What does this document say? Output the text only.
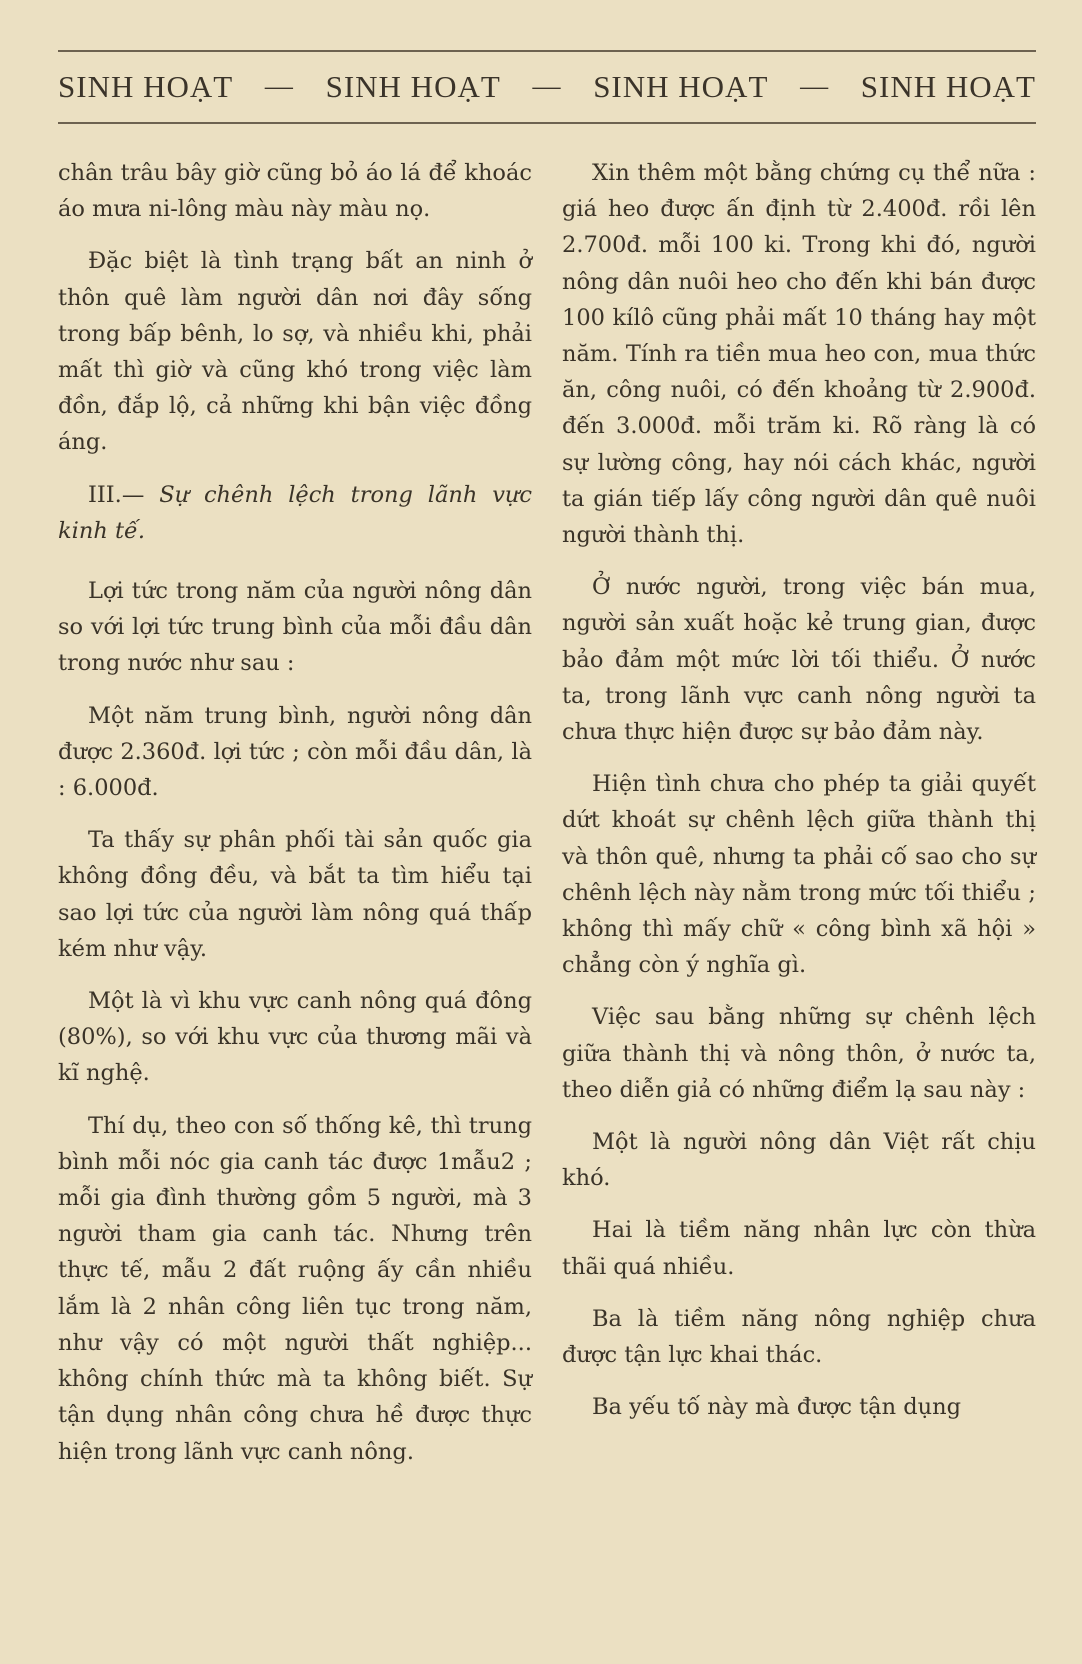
SINH HOẠT — SINH HOẠT — SINH HOẠT — SINH HOẠT

chân trâu bây giờ cũng bỏ áo lá để khoác áo mưa ni-lông màu này màu nọ.

Đặc biệt là tình trạng bất an ninh ở thôn quê làm người dân nơi đây sống trong bấp bênh, lo sợ, và nhiều khi, phải mất thì giờ và cũng khó trong việc làm đồn, đắp lộ, cả những khi bận việc đồng áng.

III.— Sự chênh lệch trong lãnh vực kinh tế.

Lợi tức trong năm của người nông dân so với lợi tức trung bình của mỗi đầu dân trong nước như sau :

Một năm trung bình, người nông dân được 2.360đ. lợi tức ; còn mỗi đầu dân, là : 6.000đ.

Ta thấy sự phân phối tài sản quốc gia không đồng đều, và bắt ta tìm hiểu tại sao lợi tức của người làm nông quá thấp kém như vậy.

Một là vì khu vực canh nông quá đông (80%), so với khu vực của thương mãi và kĩ nghệ.

Thí dụ, theo con số thống kê, thì trung bình mỗi nóc gia canh tác được 1mẫu2 ; mỗi gia đình thường gồm 5 người, mà 3 người tham gia canh tác. Nhưng trên thực tế, mẫu 2 đất ruộng ấy cần nhiều lắm là 2 nhân công liên tục trong năm, như vậy có một người thất nghiệp... không chính thức mà ta không biết. Sự tận dụng nhân công chưa hề được thực hiện trong lãnh vực canh nông.

Xin thêm một bằng chứng cụ thể nữa : giá heo được ấn định từ 2.400đ. rồi lên 2.700đ. mỗi 100 ki. Trong khi đó, người nông dân nuôi heo cho đến khi bán được 100 kílô cũng phải mất 10 tháng hay một năm. Tính ra tiền mua heo con, mua thức ăn, công nuôi, có đến khoảng từ 2.900đ. đến 3.000đ. mỗi trăm ki. Rõ ràng là có sự lường công, hay nói cách khác, người ta gián tiếp lấy công người dân quê nuôi người thành thị.

Ở nước người, trong việc bán mua, người sản xuất hoặc kẻ trung gian, được bảo đảm một mức lời tối thiểu. Ở nước ta, trong lãnh vực canh nông người ta chưa thực hiện được sự bảo đảm này.

Hiện tình chưa cho phép ta giải quyết dứt khoát sự chênh lệch giữa thành thị và thôn quê, nhưng ta phải cố sao cho sự chênh lệch này nằm trong mức tối thiểu ; không thì mấy chữ « công bình xã hội » chẳng còn ý nghĩa gì.

Việc sau bằng những sự chênh lệch giữa thành thị và nông thôn, ở nước ta, theo diễn giả có những điểm lạ sau này :

Một là người nông dân Việt rất chịu khó.

Hai là tiềm năng nhân lực còn thừa thãi quá nhiều.

Ba là tiềm năng nông nghiệp chưa được tận lực khai thác.

Ba yếu tố này mà được tận dụng
